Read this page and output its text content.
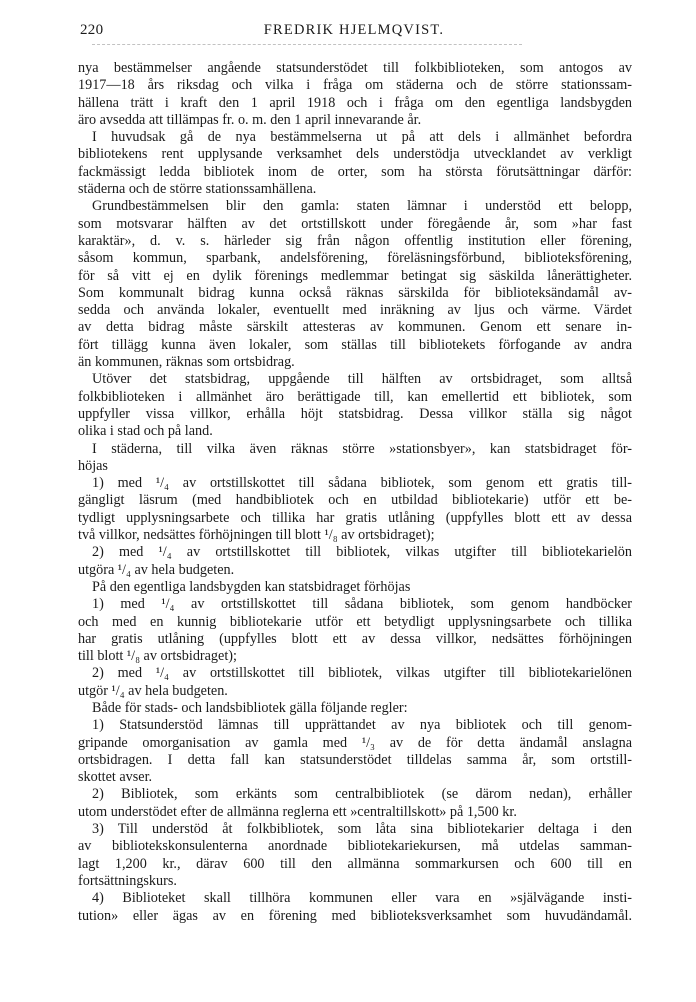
220	FREDRIK HJELMQVIST.
nya bestämmelser angående statsunderstödet till folkbiblioteken, som antogos av
1917—18 års riksdag och vilka i fråga om städerna och de större stationssam-
hällena trätt i kraft den 1 april 1918 och i fråga om den egentliga landsbygden
äro avsedda att tillämpas fr. o. m. den 1 april innevarande år.
I huvudsak gå de nya bestämmelserna ut på att dels i allmänhet befordra
bibliotekens rent upplysande verksamhet dels understödja utvecklandet av verkligt
fackmässigt ledda bibliotek inom de orter, som ha största förutsättningar därför:
städerna och de större stationssamhällena.
Grundbestämmelsen blir den gamla: staten lämnar i understöd ett belopp,
som motsvarar hälften av det ortstillskott under föregående år, som »har fast
karaktär», d. v. s. härleder sig från någon offentlig institution eller förening,
såsom kommun, sparbank, andelsförening, föreläsningsförbund, biblioteksförening,
för så vitt ej en dylik förenings medlemmar betingat sig säskilda lånerättigheter.
Som kommunalt bidrag kunna också räknas särskilda för biblioteksändamål av-
sedda och använda lokaler, eventuellt med inräkning av ljus och värme. Värdet
av detta bidrag måste särskilt attesteras av kommunen. Genom ett senare in-
fört tillägg kunna även lokaler, som ställas till bibliotekets förfogande av andra
än kommunen, räknas som ortsbidrag.
Utöver det statsbidrag, uppgående till hälften av ortsbidraget, som alltså
folkbiblioteken i allmänhet äro berättigade till, kan emellertid ett bibliotek, som
uppfyller vissa villkor, erhålla höjt statsbidrag. Dessa villkor ställa sig något
olika i stad och på land.
I städerna, till vilka även räknas större »stationsbyer», kan statsbidraget för-
höjas
1) med ¹/₄ av ortstillskottet till sådana bibliotek, som genom ett gratis till-
gängligt läsrum (med handbibliotek och en utbildad bibliotekarie) utför ett be-
tydligt upplysningsarbete och tillika har gratis utlåning (uppfylles blott ett av dessa
två villkor, nedsättes förhöjningen till blott ¹/₈ av ortsbidraget);
2) med ¹/₄ av ortstillskottet till bibliotek, vilkas utgifter till bibliotekarielön
utgöra ¹/₄ av hela budgeten.
På den egentliga landsbygden kan statsbidraget förhöjas
1) med ¹/₄ av ortstillskottet till sådana bibliotek, som genom handböcker
och med en kunnig bibliotekarie utför ett betydligt upplysningsarbete och tillika
har gratis utlåning (uppfylles blott ett av dessa villkor, nedsättes förhöjningen
till blott ¹/₈ av ortsbidraget);
2) med ¹/₄ av ortstillskottet till bibliotek, vilkas utgifter till bibliotekarielönen
utgör ¹/₄ av hela budgeten.
Både för stads- och landsbibliotek gälla följande regler:
1) Statsunderstöd lämnas till upprättandet av nya bibliotek och till genom-
gripande omorganisation av gamla med ¹/₃ av de för detta ändamål anslagna
ortsbidragen. I detta fall kan statsunderstödet tilldelas samma år, som ortstill-
skottet avser.
2) Bibliotek, som erkänts som centralbibliotek (se därom nedan), erhåller
utom understödet efter de allmänna reglerna ett »centraltillskott» på 1,500 kr.
3) Till understöd åt folkbibliotek, som låta sina bibliotekarier deltaga i den
av bibliotekskonsulenterna anordnade bibliotekariekursen, må utdelas samman-
lagt 1,200 kr., därav 600 till den allmänna sommarkursen och 600 till en
fortsättningskurs.
4) Biblioteket skall tillhöra kommunen eller vara en »självägande insti-
tution» eller ägas av en förening med biblioteksverksamhet som huvudändamål.
